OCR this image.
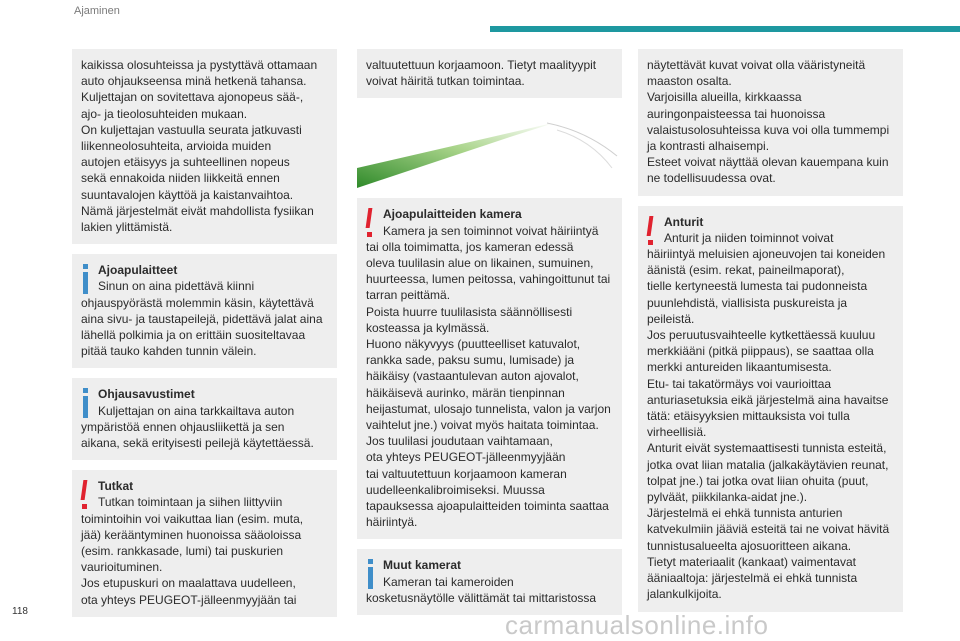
Ajaminen

kaikissa olosuhteissa ja pystyttävä ottamaan

auto ohjaukseensa minä hetkenä tahansa.

Kuljettajan on sovitettava ajonopeus sää-,

ajo- ja tieolosuhteiden mukaan.

On kuljettajan vastuulla seurata jatkuvasti

liikenneolosuhteita, arvioida muiden

autojen etäisyys ja suhteellinen nopeus

sekä ennakoida niiden liikkeitä ennen

suuntavalojen käyttöä ja kaistanvaihtoa.

Nämä järjestelmät eivät mahdollista fysiikan

lakien ylittämistä.

Ajoapulaitteet

Sinun on aina pidettävä kiinni

ohjauspyörästä molemmin käsin, käytettävä

aina sivu- ja taustapeilejä, pidettävä jalat aina

lähellä polkimia ja on erittäin suositeltavaa

pitää tauko kahden tunnin välein.

Ohjausavustimet

Kuljettajan on aina tarkkailtava auton

ympäristöä ennen ohjausliikettä ja sen

aikana, sekä erityisesti peilejä käytettäessä.

Tutkat

Tutkan toimintaan ja siihen liittyviin

toimintoihin voi vaikuttaa lian (esim. muta,

jää) kerääntyminen huonoissa sääoloissa

(esim. rankkasade, lumi) tai puskurien

vaurioituminen.

Jos etupuskuri on maalattava uudelleen,

ota yhteys PEUGEOT-jälleenmyyjään tai

valtuutettuun korjaamoon. Tietyt maalityypit

voivat häiritä tutkan toimintaa.

Ajoapulaitteiden kamera

Kamera ja sen toiminnot voivat häiriintyä

tai olla toimimatta, jos kameran edessä

oleva tuulilasin alue on likainen, sumuinen,

huurteessa, lumen peitossa, vahingoittunut tai

tarran peittämä.

Poista huurre tuulilasista säännöllisesti

kosteassa ja kylmässä.

Huono näkyvyys (puutteelliset katuvalot,

rankka sade, paksu sumu, lumisade) ja

häikäisy (vastaantulevan auton ajovalot,

häikäisevä aurinko, märän tienpinnan

heijastumat, ulosajo tunnelista, valon ja varjon

vaihtelut jne.) voivat myös haitata toimintaa.

Jos tuulilasi joudutaan vaihtamaan,

ota yhteys PEUGEOT-jälleenmyyjään

tai valtuutettuun korjaamoon kameran

uudelleenkalibroimiseksi. Muussa

tapauksessa ajoapulaitteiden toiminta saattaa

häiriintyä.

Muut kamerat

Kameran tai kameroiden

kosketusnäytölle välittämät tai mittaristossa

näytettävät kuvat voivat olla vääristyneitä

maaston osalta.

Varjoisilla alueilla, kirkkaassa

auringonpaisteessa tai huonoissa

valaistusolosuhteissa kuva voi olla tummempi

ja kontrasti alhaisempi.

Esteet voivat näyttää olevan kauempana kuin

ne todellisuudessa ovat.

Anturit

Anturit ja niiden toiminnot voivat

häiriintyä meluisien ajoneuvojen tai koneiden

äänistä (esim. rekat, paineilmaporat),

tielle kertyneestä lumesta tai pudonneista

puunlehdistä, viallisista puskureista ja

peileistä.

Jos peruutusvaihteelle kytkettäessä kuuluu

merkkiääni (pitkä piippaus), se saattaa olla

merkki antureiden likaantumisesta.

Etu- tai takatörmäys voi vaurioittaa

anturiasetuksia eikä järjestelmä aina havaitse

tätä: etäisyyksien mittauksista voi tulla

virheellisiä.

Anturit eivät systemaattisesti tunnista esteitä,

jotka ovat liian matalia (jalkakäytävien reunat,

tolpat jne.) tai jotka ovat liian ohuita (puut,

pylväät, piikkilanka-aidat jne.).

Järjestelmä ei ehkä tunnista anturien

katvekulmiin jääviä esteitä tai ne voivat hävitä

tunnistusalueelta ajosuoritteen aikana.

Tietyt materiaalit (kankaat) vaimentavat

ääniaaltoja: järjestelmä ei ehkä tunnista

jalankulkijoita.

118	carmanualsonline.info
